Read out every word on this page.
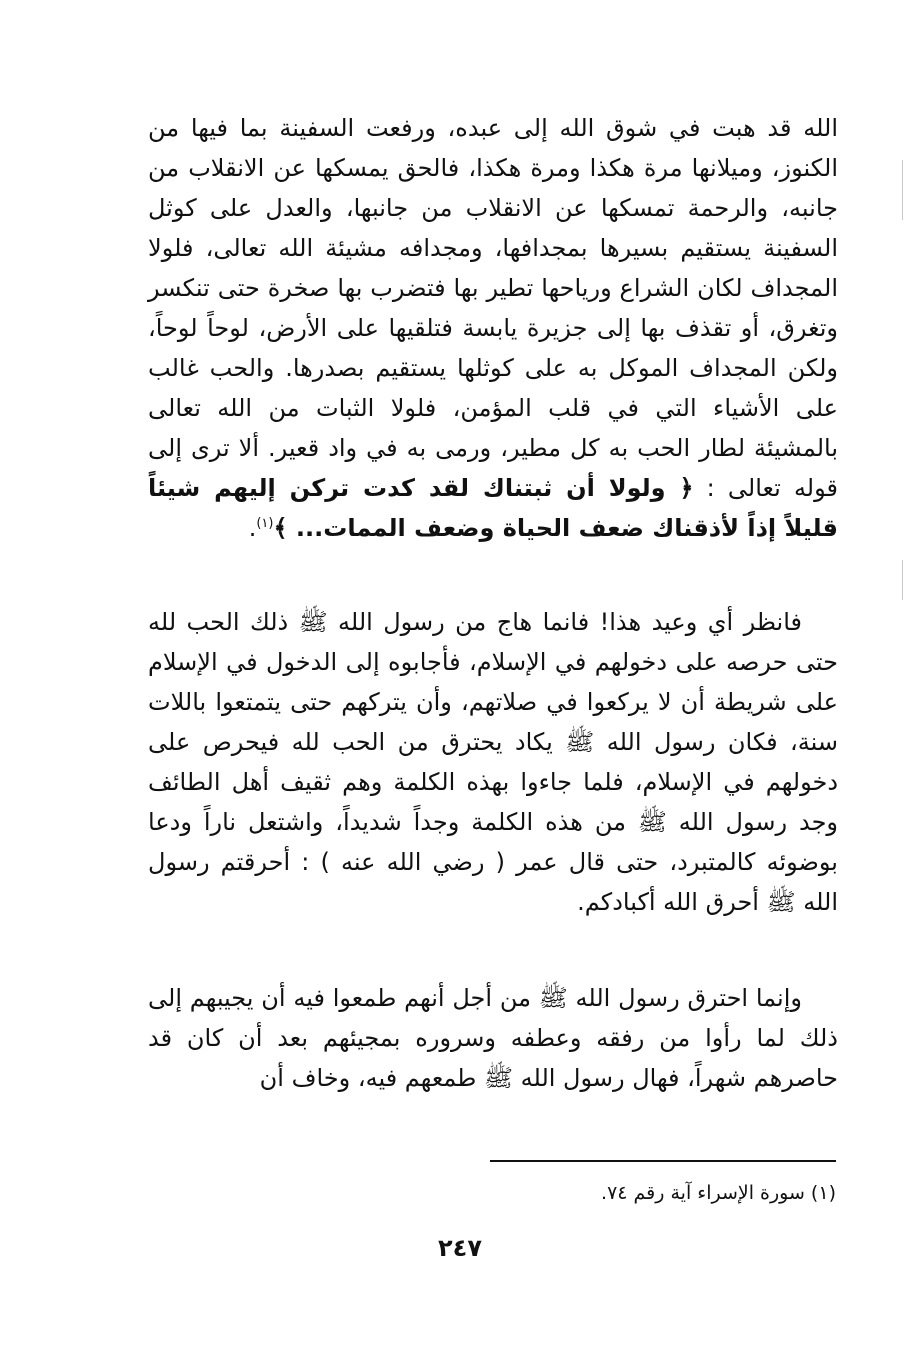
الله قد هبت في شوق الله إلى عبده، ورفعت السفينة بما فيها من الكنوز، وميلانها مرة هكذا ومرة هكذا، فالحق يمسكها عن الانقلاب من جانبه، والرحمة تمسكها عن الانقلاب من جانبها، والعدل على كوثل السفينة يستقيم بسيرها بمجدافها، ومجدافه مشيئة الله تعالى، فلولا المجداف لكان الشراع ورياحها تطير بها فتضرب بها صخرة حتى تنكسر وتغرق، أو تقذف بها إلى جزيرة يابسة فتلقيها على الأرض، لوحاً لوحاً، ولكن المجداف الموكل به على كوثلها يستقيم بصدرها. والحب غالب على الأشياء التي في قلب المؤمن، فلولا الثبات من الله تعالى بالمشيئة لطار الحب به كل مطير، ورمى به في واد قعير. ألا ترى إلى قوله تعالى : ﴿ ولولا أن ثبتناك لقد كدت تركن إليهم شيئاً قليلاً إذاً لأذقناك ضعف الحياة وضعف الممات... ﴾$^{(١)}$.
فانظر أي وعيد هذا! فانما هاج من رسول الله ﷺ ذلك الحب لله حتى حرصه على دخولهم في الإسلام، فأجابوه إلى الدخول في الإسلام على شريطة أن لا يركعوا في صلاتهم، وأن يتركهم حتى يتمتعوا باللات سنة، فكان رسول الله ﷺ يكاد يحترق من الحب لله فيحرص على دخولهم في الإسلام، فلما جاءوا بهذه الكلمة وهم ثقيف أهل الطائف وجد رسول الله ﷺ من هذه الكلمة وجداً شديداً، واشتعل ناراً ودعا بوضوئه كالمتبرد، حتى قال عمر ( رضي الله عنه ) : أحرقتم رسول الله ﷺ أحرق الله أكبادكم.
وإنما احترق رسول الله ﷺ من أجل أنهم طمعوا فيه أن يجيبهم إلى ذلك لما رأوا من رفقه وعطفه وسروره بمجيئهم بعد أن كان قد حاصرهم شهراً، فهال رسول الله ﷺ طمعهم فيه، وخاف أن
(١) سورة الإسراء آية رقم ٧٤.
٢٤٧
